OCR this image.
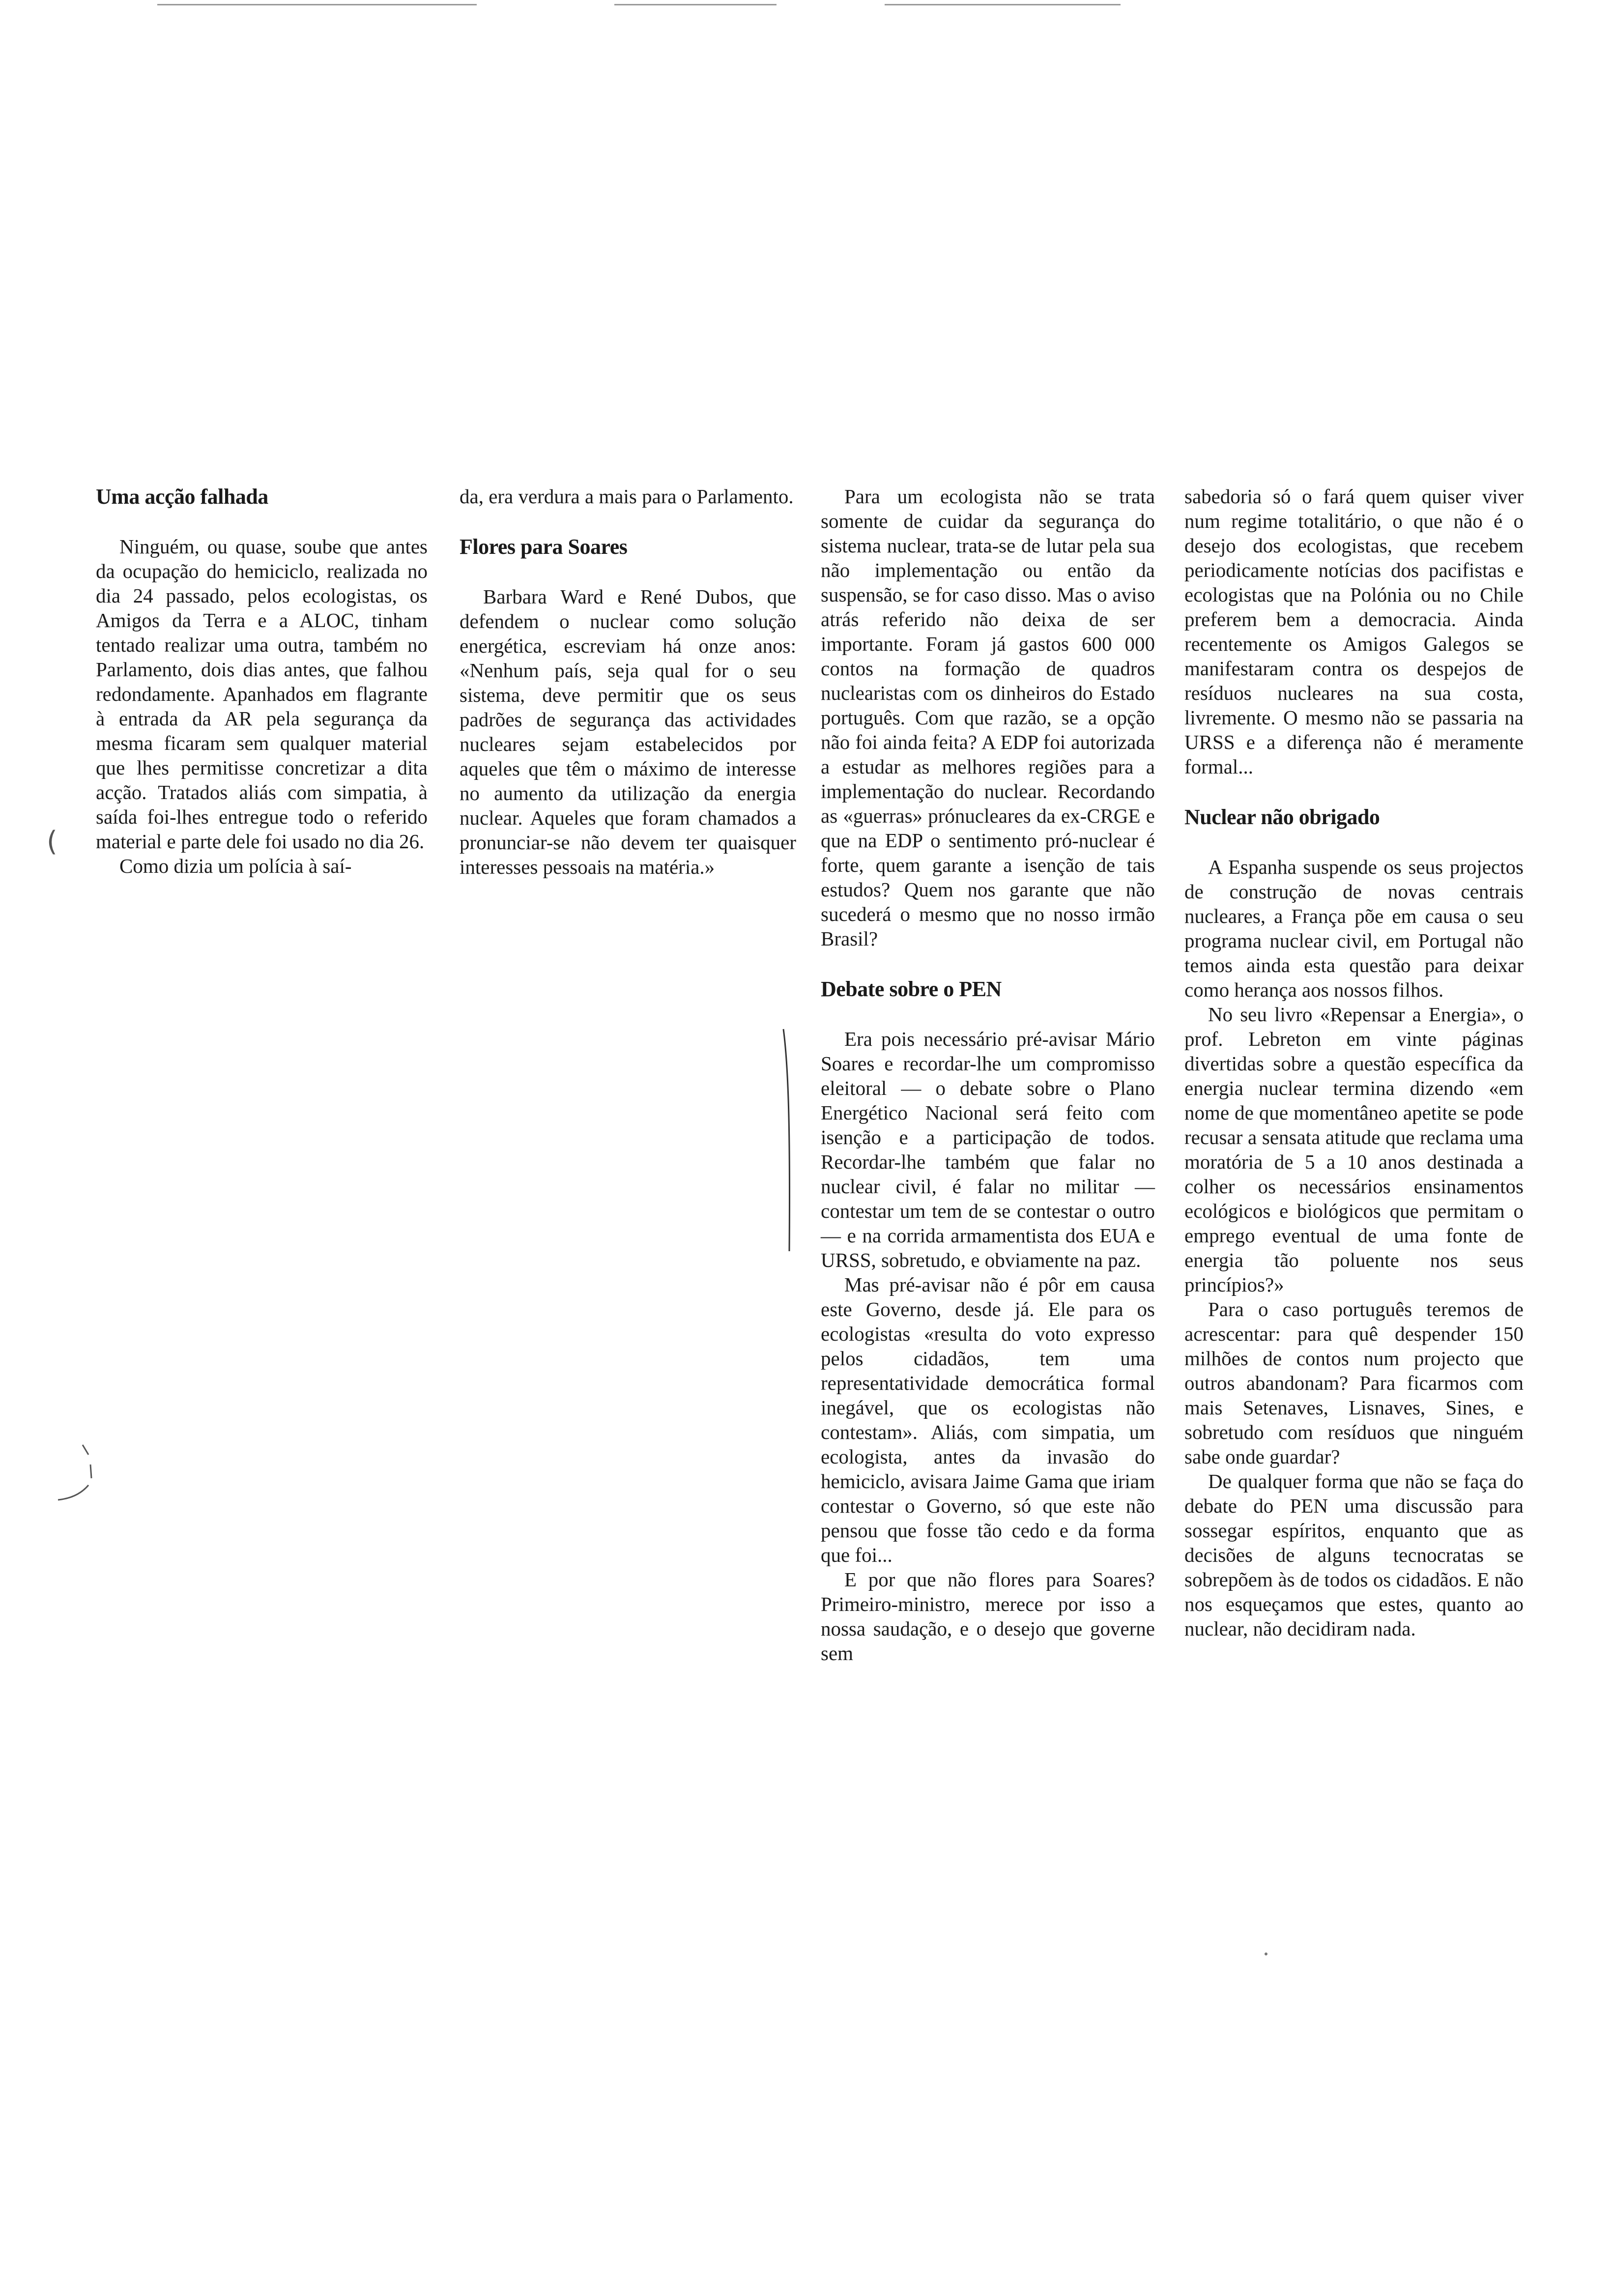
(
Uma acção falhada

Ninguém, ou quase, soube que antes da ocupação do hemiciclo, realizada no dia 24 passado, pelos ecologistas, os Amigos da Terra e a ALOC, tinham tentado realizar uma outra, também no Parlamento, dois dias antes, que falhou redondamente. Apanhados em flagrante à entrada da AR pela segurança da mesma ficaram sem qualquer material que lhes permitisse concretizar a dita acção. Tratados aliás com simpatia, à saída foi-lhes entregue todo o referido material e parte dele foi usado no dia 26.

Como dizia um polícia à saí-

da, era verdura a mais para o Parlamento.

Flores para Soares

Barbara Ward e René Dubos, que defendem o nuclear como solução energética, escreviam há onze anos: «Nenhum país, seja qual for o seu sistema, deve permitir que os seus padrões de segurança das actividades nucleares sejam estabelecidos por aqueles que têm o máximo de interesse no aumento da utilização da energia nuclear. Aqueles que foram chamados a pronunciar-se não devem ter quaisquer interesses pessoais na matéria.»

Para um ecologista não se trata somente de cuidar da segurança do sistema nuclear, trata-se de lutar pela sua não implementação ou então da suspensão, se for caso disso. Mas o aviso atrás referido não deixa de ser importante. Foram já gastos 600 000 contos na formação de quadros nuclearistas com os dinheiros do Estado português. Com que razão, se a opção não foi ainda feita? A EDP foi autorizada a estudar as melhores regiões para a implementação do nuclear. Recordando as «guerras» prónucleares da ex-CRGE e que na EDP o sentimento pró-nuclear é forte, quem garante a isenção de tais estudos? Quem nos garante que não sucederá o mesmo que no nosso irmão Brasil?

Debate sobre o PEN

Era pois necessário pré-avisar Mário Soares e recordar-lhe um compromisso eleitoral — o debate sobre o Plano Energético Nacional será feito com isenção e a participação de todos. Recordar-lhe também que falar no nuclear civil, é falar no militar — contestar um tem de se contestar o outro — e na corrida armamentista dos EUA e URSS, sobretudo, e obviamente na paz.

Mas pré-avisar não é pôr em causa este Governo, desde já. Ele para os ecologistas «resulta do voto expresso pelos cidadãos, tem uma representatividade democrática formal inegável, que os ecologistas não contestam». Aliás, com simpatia, um ecologista, antes da invasão do hemiciclo, avisara Jaime Gama que iriam contestar o Governo, só que este não pensou que fosse tão cedo e da forma que foi...

E por que não flores para Soares? Primeiro-ministro, merece por isso a nossa saudação, e o desejo que governe sem

sabedoria só o fará quem quiser viver num regime totalitário, o que não é o desejo dos ecologistas, que recebem periodicamente notícias dos pacifistas e ecologistas que na Polónia ou no Chile preferem bem a democracia. Ainda recentemente os Amigos Galegos se manifestaram contra os despejos de resíduos nucleares na sua costa, livremente. O mesmo não se passaria na URSS e a diferença não é meramente formal...

Nuclear não obrigado

A Espanha suspende os seus projectos de construção de novas centrais nucleares, a França põe em causa o seu programa nuclear civil, em Portugal não temos ainda esta questão para deixar como herança aos nossos filhos.

No seu livro «Repensar a Energia», o prof. Lebreton em vinte páginas divertidas sobre a questão específica da energia nuclear termina dizendo «em nome de que momentâneo apetite se pode recusar a sensata atitude que reclama uma moratória de 5 a 10 anos destinada a colher os necessários ensinamentos ecológicos e biológicos que permitam o emprego eventual de uma fonte de energia tão poluente nos seus princípios?»

Para o caso português teremos de acrescentar: para quê despender 150 milhões de contos num projecto que outros abandonam? Para ficarmos com mais Setenaves, Lisnaves, Sines, e sobretudo com resíduos que ninguém sabe onde guardar?

De qualquer forma que não se faça do debate do PEN uma discussão para sossegar espíritos, enquanto que as decisões de alguns tecnocratas se sobrepõem às de todos os cidadãos. E não nos esqueçamos que estes, quanto ao nuclear, não decidiram nada.
